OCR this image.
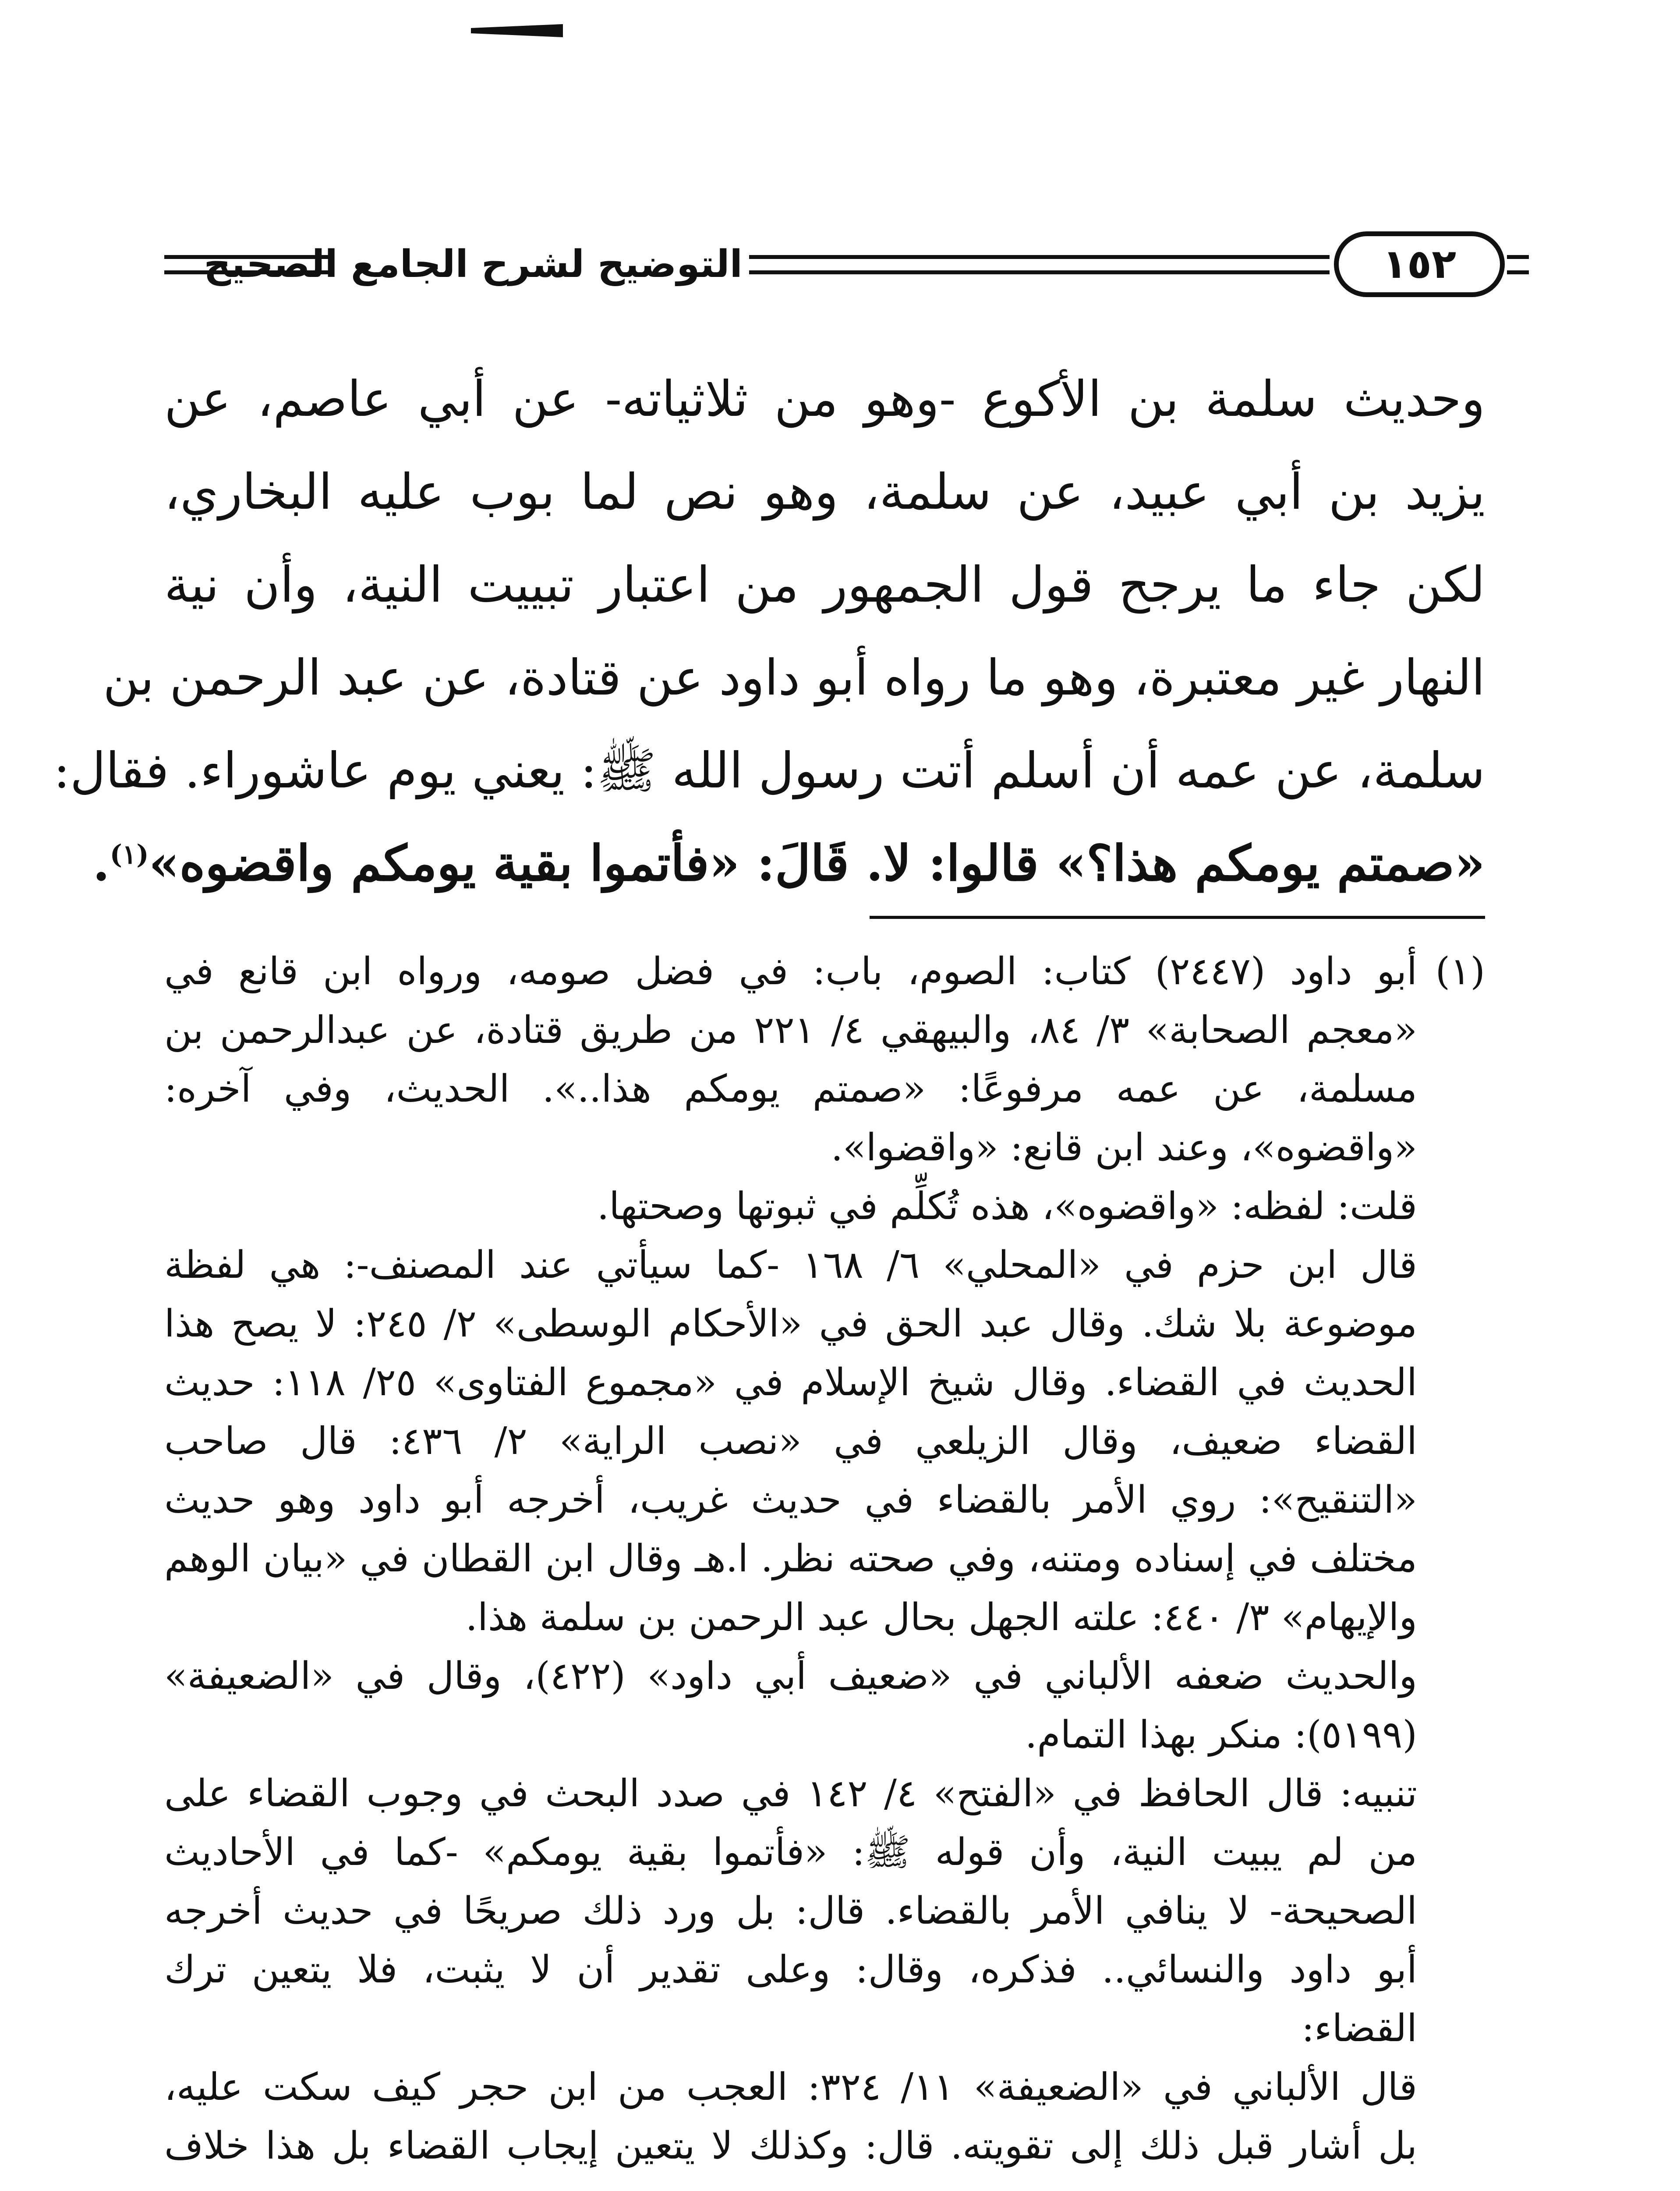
التوضيح لشرح الجامع الصحيح	١٥٢
وحديث سلمة بن الأكوع -وهو من ثلاثياته- عن أبي عاصم، عن
يزيد بن أبي عبيد، عن سلمة، وهو نص لما بوب عليه البخاري،
لكن جاء ما يرجح قول الجمهور من اعتبار تبييت النية، وأن نية
النهار غير معتبرة، وهو ما رواه أبو داود عن قتادة، عن عبد الرحمن بن
سلمة، عن عمه أن أسلم أتت رسول الله ﷺ: يعني يوم عاشوراء. فقال:
«صمتم يومكم هذا؟» قالوا: لا. قَالَ: «فأتموا بقية يومكم واقضوه»$^{(١)}$.
(١)أبو داود (٢٤٤٧) كتاب: الصوم، باب: في فضل صومه، ورواه ابن قانع في
«معجم الصحابة» ٣/ ٨٤، والبيهقي ٤/ ٢٢١ من طريق قتادة، عن عبدالرحمن بن
مسلمة، عن عمه مرفوعًا: «صمتم يومكم هذا..». الحديث، وفي آخره:
«واقضوه»، وعند ابن قانع: «واقضوا».
قلت: لفظه: «واقضوه»، هذه تُكلِّم في ثبوتها وصحتها.
قال ابن حزم في «المحلي» ٦/ ١٦٨ -كما سيأتي عند المصنف-: هي لفظة
موضوعة بلا شك. وقال عبد الحق في «الأحكام الوسطى» ٢/ ٢٤٥: لا يصح هذا
الحديث في القضاء. وقال شيخ الإسلام في «مجموع الفتاوى» ٢٥/ ١١٨: حديث
القضاء ضعيف، وقال الزيلعي في «نصب الراية» ٢/ ٤٣٦: قال صاحب
«التنقيح»: روي الأمر بالقضاء في حديث غريب، أخرجه أبو داود وهو حديث
مختلف في إسناده ومتنه، وفي صحته نظر. ا.هـ وقال ابن القطان في «بيان الوهم
والإيهام» ٣/ ٤٤٠: علته الجهل بحال عبد الرحمن بن سلمة هذا.
والحديث ضعفه الألباني في «ضعيف أبي داود» (٤٢٢)، وقال في «الضعيفة»
(٥١٩٩): منكر بهذا التمام.
تنبيه: قال الحافظ في «الفتح» ٤/ ١٤٢ في صدد البحث في وجوب القضاء على
من لم يبيت النية، وأن قوله ﷺ: «فأتموا بقية يومكم» -كما في الأحاديث
الصحيحة- لا ينافي الأمر بالقضاء. قال: بل ورد ذلك صريحًا في حديث أخرجه
أبو داود والنسائي.. فذكره، وقال: وعلى تقدير أن لا يثبت، فلا يتعين ترك
القضاء:
قال الألباني في «الضعيفة» ١١/ ٣٢٤: العجب من ابن حجر كيف سكت عليه،
بل أشار قبل ذلك إلى تقويته. قال: وكذلك لا يتعين إيجاب القضاء بل هذا خلاف
